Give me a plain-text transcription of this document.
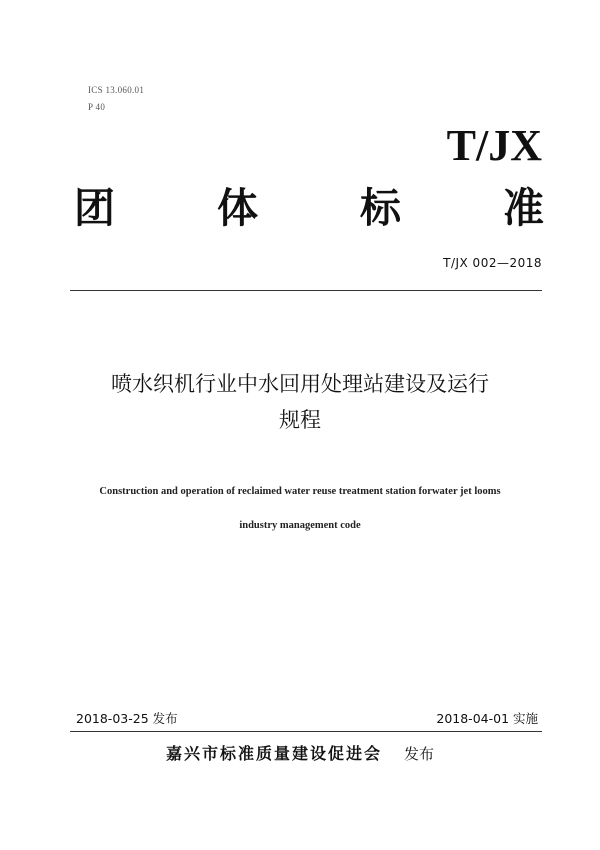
ICS 13.060.01
P 40
T/JX
团 体 标 准
T/JX 002—2018
喷水织机行业中水回用处理站建设及运行
规程
Construction and operation of reclaimed water reuse treatment station forwater jet looms
industry management code
2018-03-25 发布	2018-04-01 实施
嘉兴市标准质量建设促进会 发布
